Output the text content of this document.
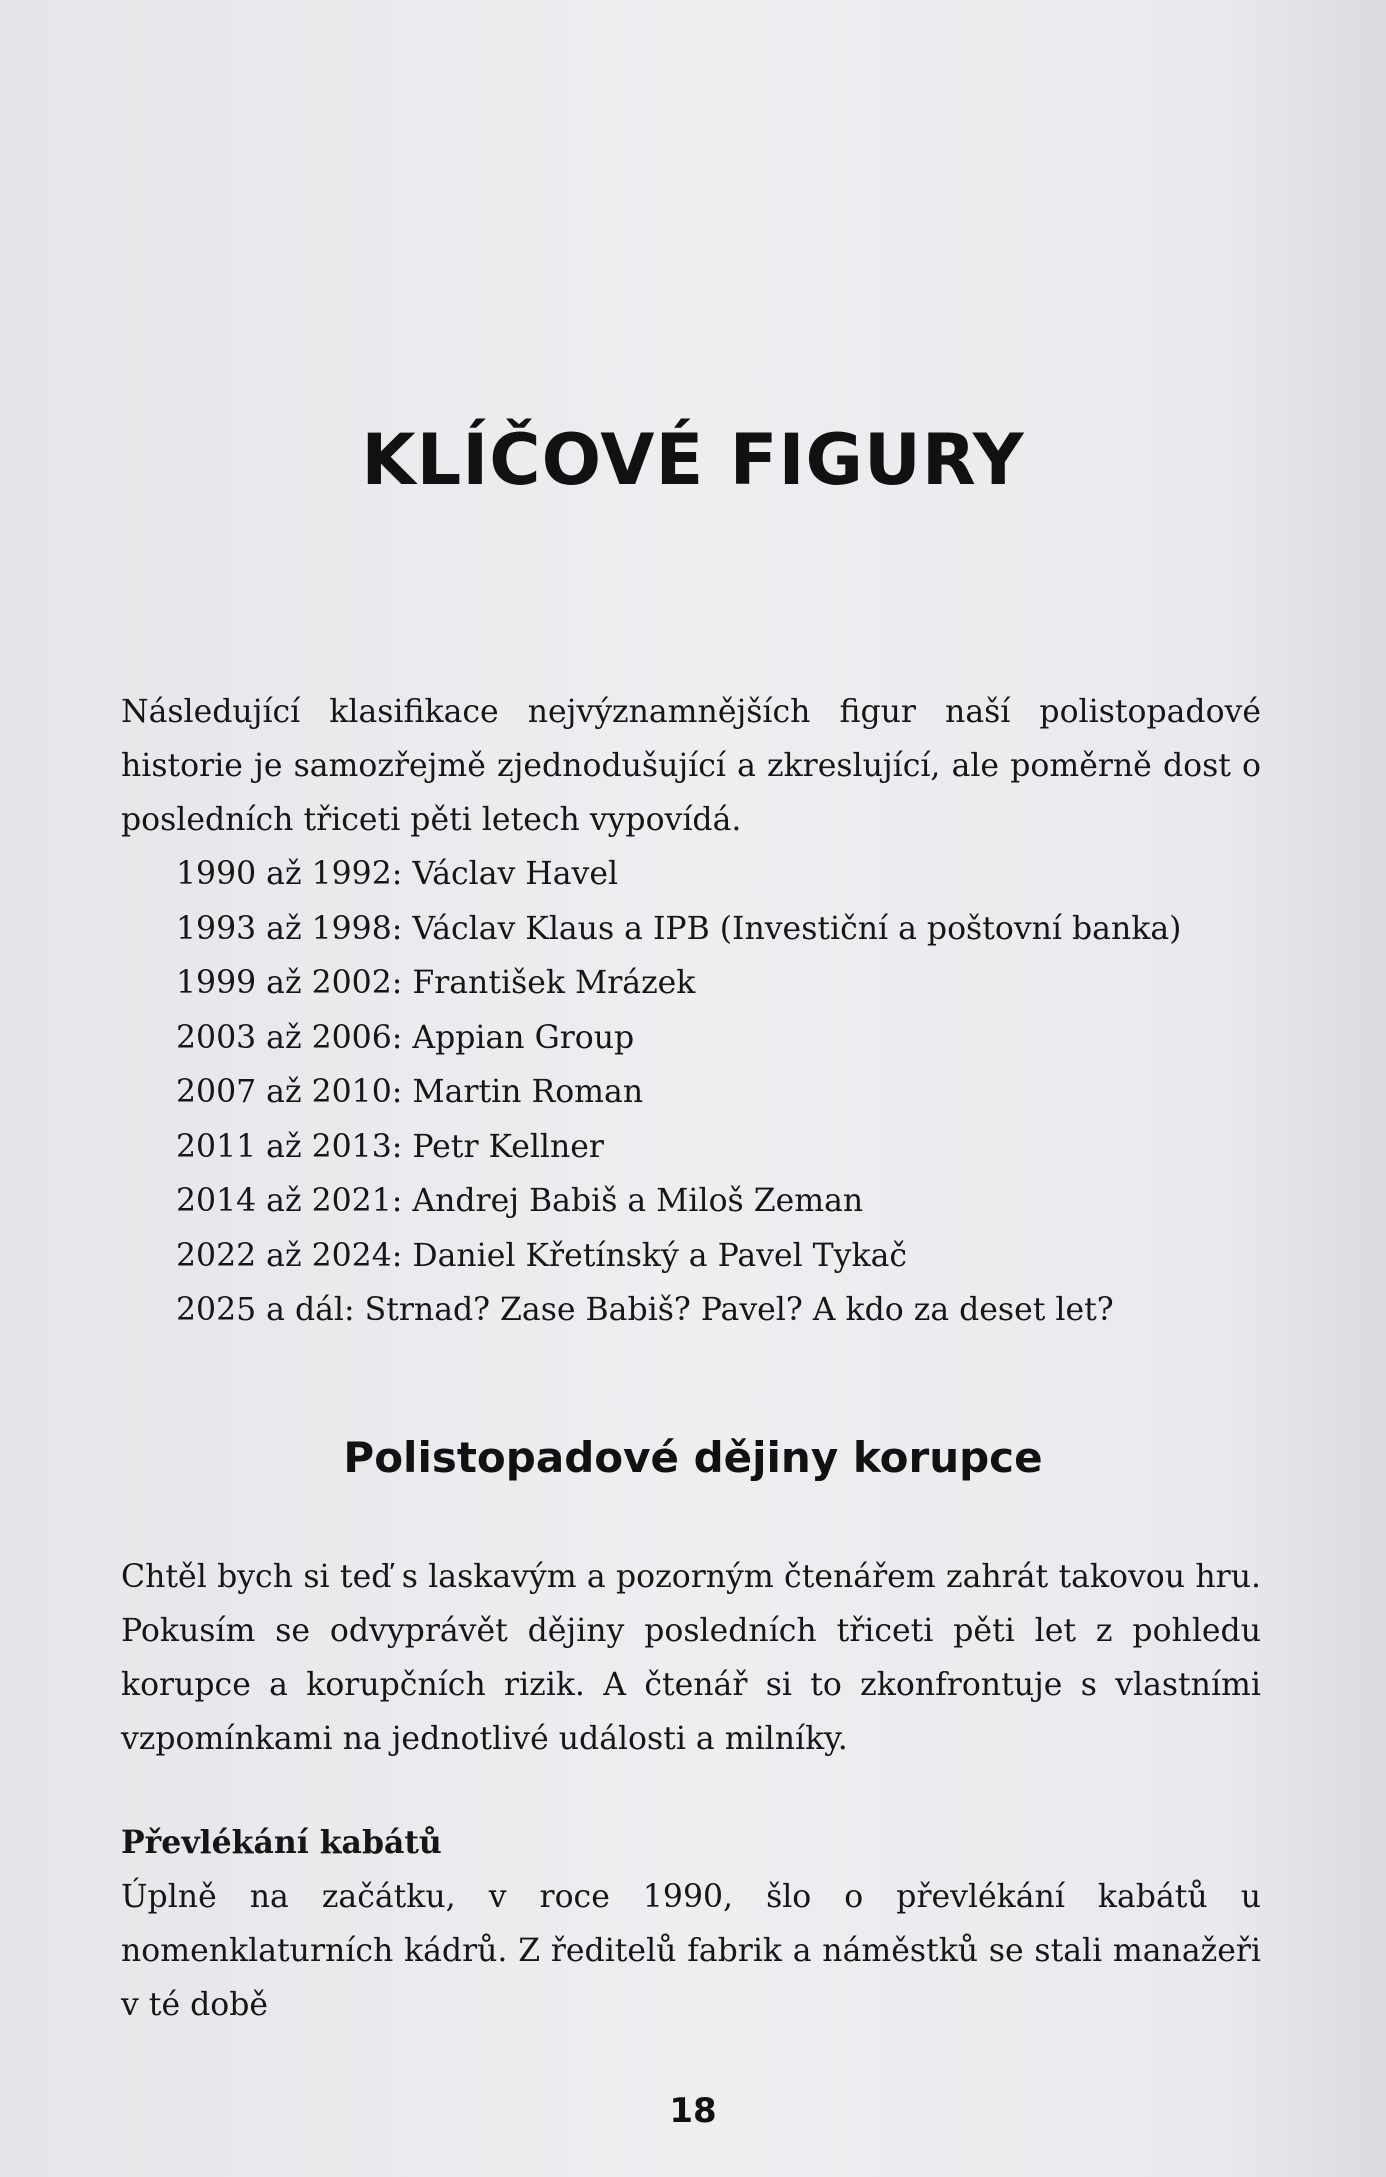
KLÍČOVÉ FIGURY

Následující klasifikace nejvýznamnějších figur naší polistopadové historie je samozřejmě zjednodušující a zkreslující, ale poměrně dost o posledních třiceti pěti letech vypovídá.

1990 až 1992: Václav Havel
1993 až 1998: Václav Klaus a IPB (Investiční a poštovní banka)
1999 až 2002: František Mrázek
2003 až 2006: Appian Group
2007 až 2010: Martin Roman
2011 až 2013: Petr Kellner
2014 až 2021: Andrej Babiš a Miloš Zeman
2022 až 2024: Daniel Křetínský a Pavel Tykač
2025 a dál: Strnad? Zase Babiš? Pavel? A kdo za deset let?
Polistopadové dějiny korupce

Chtěl bych si teď s laskavým a pozorným čtenářem zahrát takovou hru. Pokusím se odvyprávět dějiny posledních třiceti pěti let z pohledu korupce a korupčních rizik. A čtenář si to zkonfrontuje s vlastními vzpomínkami na jednotlivé události a milníky.

Převlékání kabátů

Úplně na začátku, v roce 1990, šlo o převlékání kabátů u nomenklaturních kádrů. Z ředitelů fabrik a náměstků se stali manažeři v té době

18
